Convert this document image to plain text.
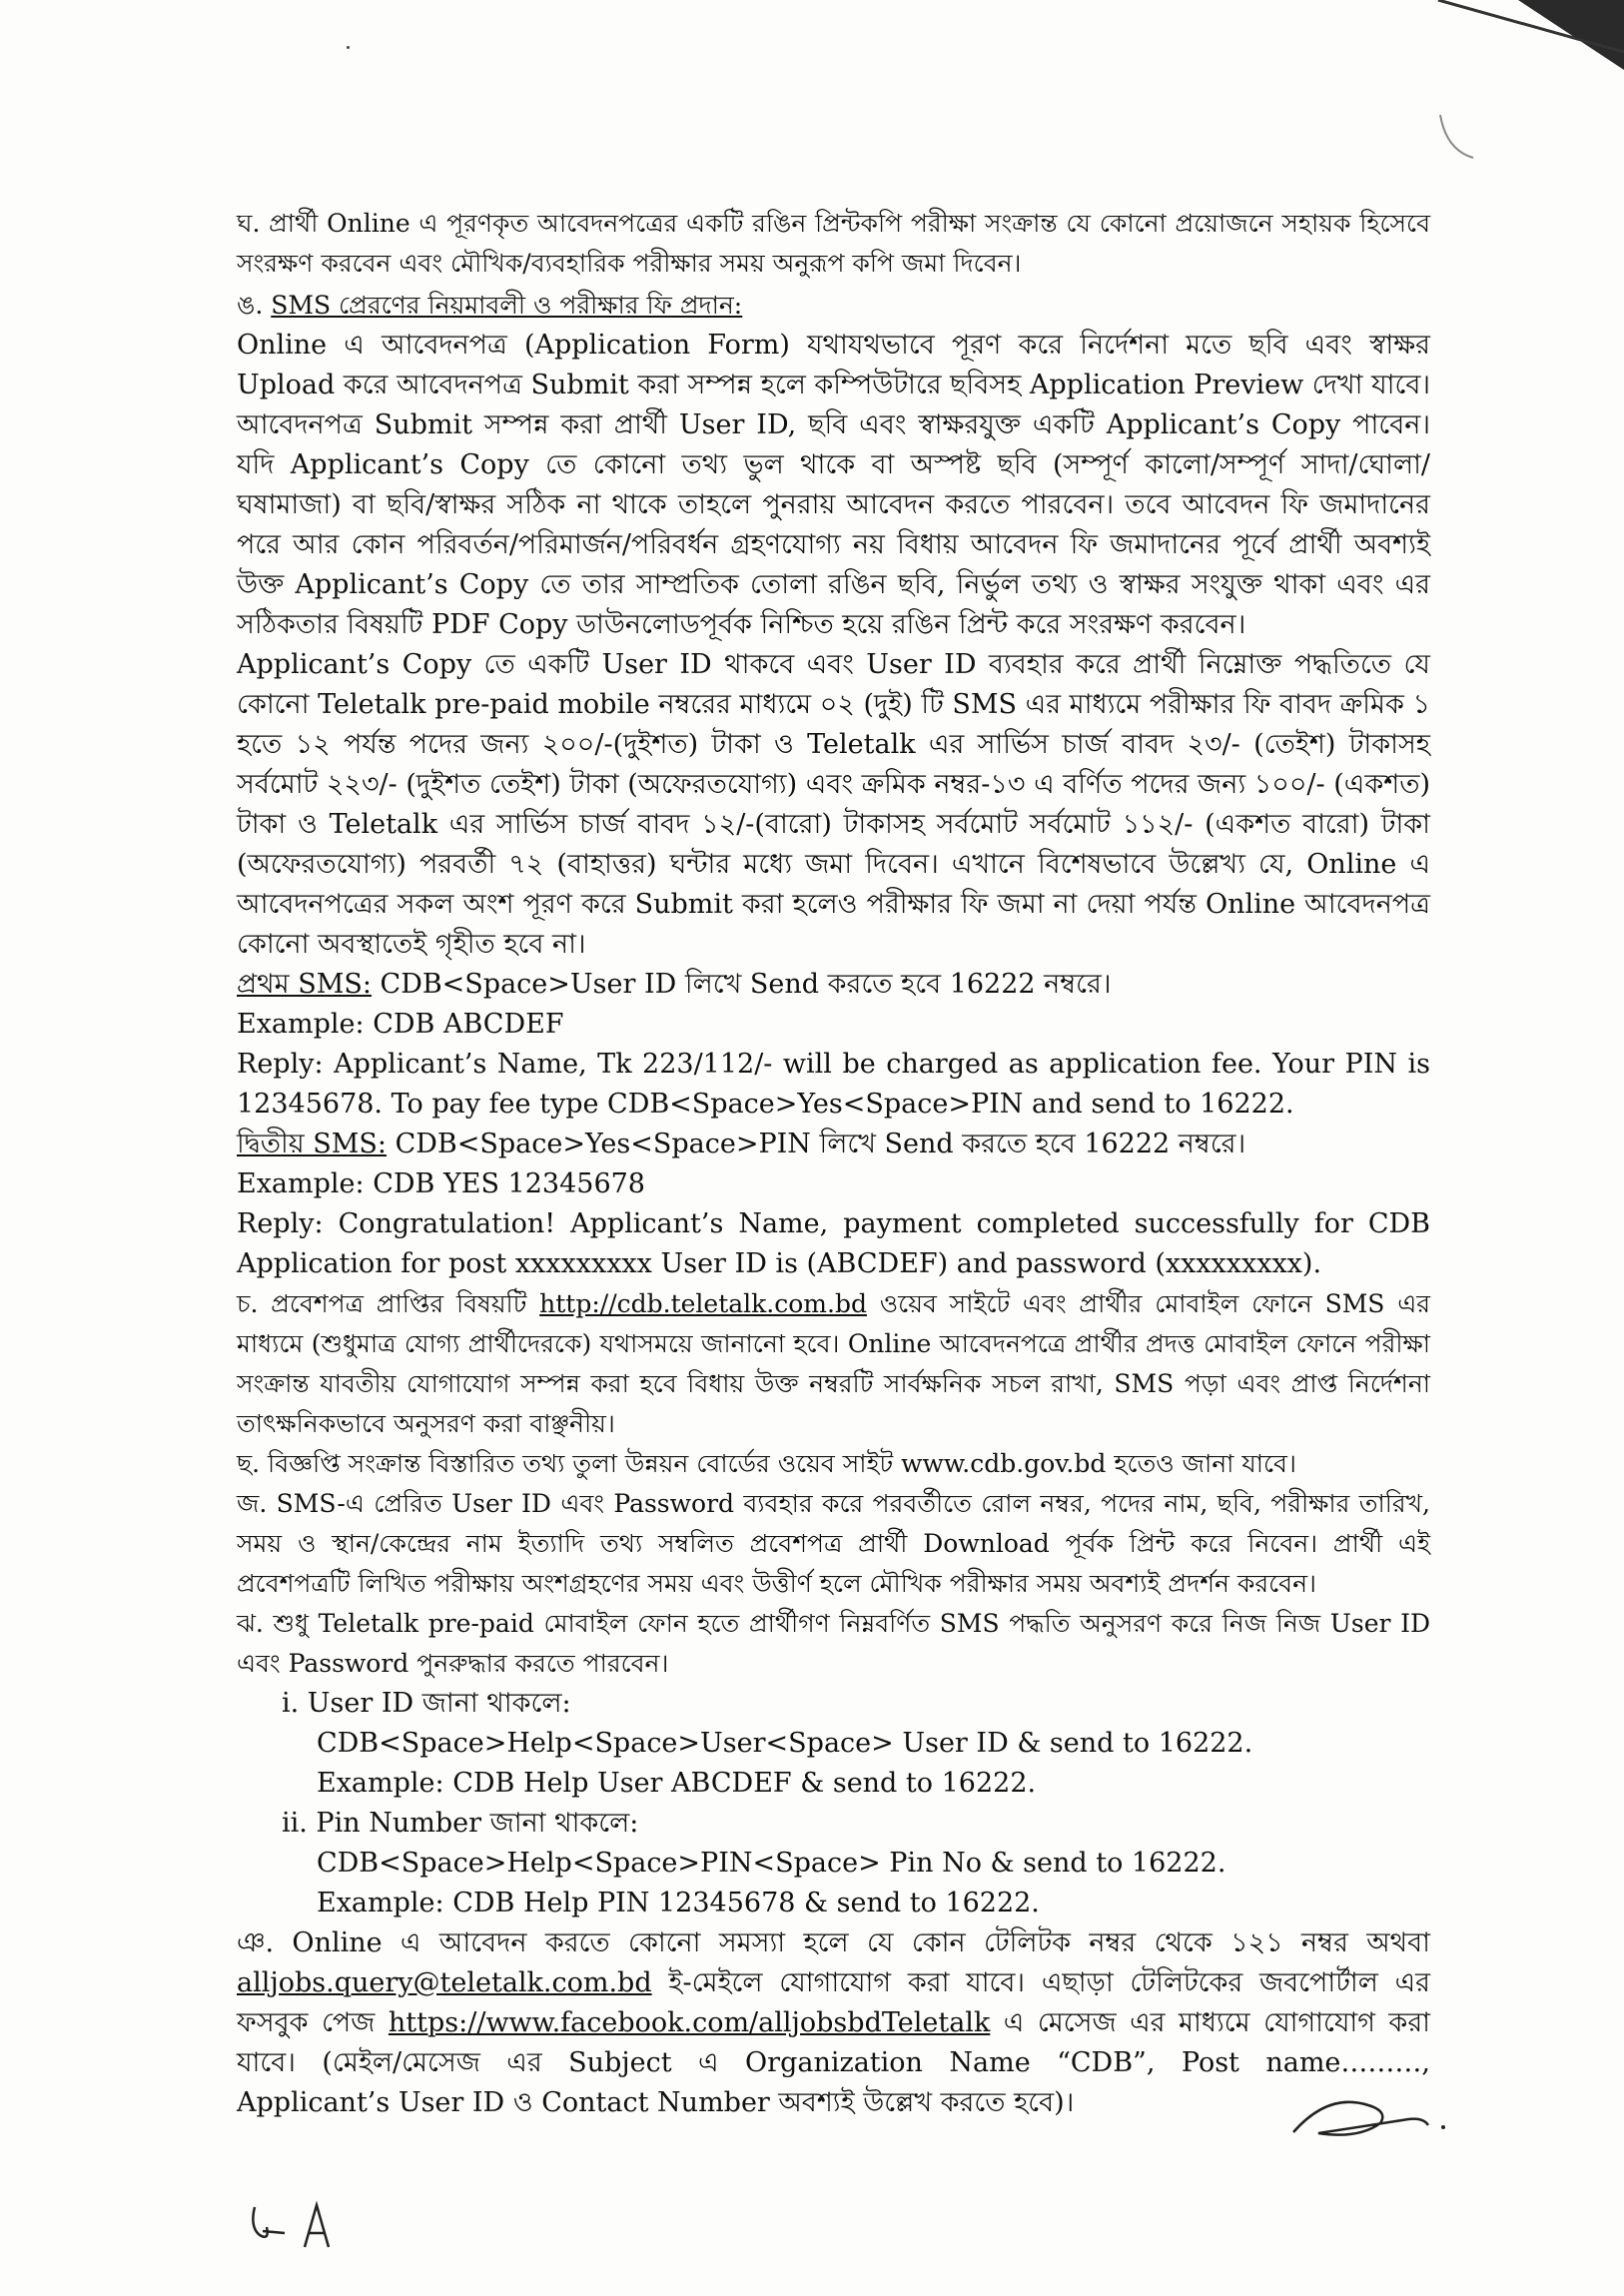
ঘ. প্রার্থী Online এ পূরণকৃত আবেদনপত্রের একটি রঙিন প্রিন্টকপি পরীক্ষা সংক্রান্ত যে কোনো প্রয়োজনে সহায়ক হিসেবে সংরক্ষণ করবেন এবং মৌখিক/ব্যবহারিক পরীক্ষার সময় অনুরূপ কপি জমা দিবেন।

ঙ. SMS প্রেরণের নিয়মাবলী ও পরীক্ষার ফি প্রদান:

Online এ আবেদনপত্র (Application Form) যথাযথভাবে পূরণ করে নির্দেশনা মতে ছবি এবং স্বাক্ষর Upload করে আবেদনপত্র Submit করা সম্পন্ন হলে কম্পিউটারে ছবিসহ Application Preview দেখা যাবে। আবেদনপত্র Submit সম্পন্ন করা প্রার্থী User ID, ছবি এবং স্বাক্ষরযুক্ত একটি Applicant’s Copy পাবেন। যদি Applicant’s Copy তে কোনো তথ্য ভুল থাকে বা অস্পষ্ট ছবি (সম্পূর্ণ কালো/সম্পূর্ণ সাদা/ঘোলা/ঘষামাজা) বা ছবি/স্বাক্ষর সঠিক না থাকে তাহলে পুনরায় আবেদন করতে পারবেন। তবে আবেদন ফি জমাদানের পরে আর কোন পরিবর্তন/পরিমার্জন/পরিবর্ধন গ্রহণযোগ্য নয় বিধায় আবেদন ফি জমাদানের পূর্বে প্রার্থী অবশ্যই উক্ত Applicant’s Copy তে তার সাম্প্রতিক তোলা রঙিন ছবি, নির্ভুল তথ্য ও স্বাক্ষর সংযুক্ত থাকা এবং এর সঠিকতার বিষয়টি PDF Copy ডাউনলোডপূর্বক নিশ্চিত হয়ে রঙিন প্রিন্ট করে সংরক্ষণ করবেন।

Applicant’s Copy তে একটি User ID থাকবে এবং User ID ব্যবহার করে প্রার্থী নিম্নোক্ত পদ্ধতিতে যে কোনো Teletalk pre-paid mobile নম্বরের মাধ্যমে ০২ (দুই) টি SMS এর মাধ্যমে পরীক্ষার ফি বাবদ ক্রমিক ১ হতে ১২ পর্যন্ত পদের জন্য ২০০/-(দুইশত) টাকা ও Teletalk এর সার্ভিস চার্জ বাবদ ২৩/- (তেইশ) টাকাসহ সর্বমোট ২২৩/- (দুইশত তেইশ) টাকা (অফেরতযোগ্য) এবং ক্রমিক নম্বর-১৩ এ বর্ণিত পদের জন্য ১০০/- (একশত) টাকা ও Teletalk এর সার্ভিস চার্জ বাবদ ১২/-(বারো) টাকাসহ সর্বমোট সর্বমোট ১১২/- (একশত বারো) টাকা (অফেরতযোগ্য) পরবর্তী ৭২ (বাহাত্তর) ঘন্টার মধ্যে জমা দিবেন। এখানে বিশেষভাবে উল্লেখ্য যে, Online এ আবেদনপত্রের সকল অংশ পূরণ করে Submit করা হলেও পরীক্ষার ফি জমা না দেয়া পর্যন্ত Online আবেদনপত্র কোনো অবস্থাতেই গৃহীত হবে না।

প্রথম SMS: CDB<Space>User ID লিখে Send করতে হবে 16222 নম্বরে।

Example: CDB ABCDEF

Reply: Applicant’s Name, Tk 223/112/- will be charged as application fee. Your PIN is 12345678. To pay fee type CDB<Space>Yes<Space>PIN and send to 16222.

দ্বিতীয় SMS: CDB<Space>Yes<Space>PIN লিখে Send করতে হবে 16222 নম্বরে।

Example: CDB YES 12345678

Reply: Congratulation! Applicant’s Name, payment completed successfully for CDB Application for post xxxxxxxxx User ID is (ABCDEF) and password (xxxxxxxxx).

চ. প্রবেশপত্র প্রাপ্তির বিষয়টি http://cdb.teletalk.com.bd ওয়েব সাইটে এবং প্রার্থীর মোবাইল ফোনে SMS এর মাধ্যমে (শুধুমাত্র যোগ্য প্রার্থীদেরকে) যথাসময়ে জানানো হবে। Online আবেদনপত্রে প্রার্থীর প্রদত্ত মোবাইল ফোনে পরীক্ষা সংক্রান্ত যাবতীয় যোগাযোগ সম্পন্ন করা হবে বিধায় উক্ত নম্বরটি সার্বক্ষনিক সচল রাখা, SMS পড়া এবং প্রাপ্ত নির্দেশনা তাৎক্ষনিকভাবে অনুসরণ করা বাঞ্ছনীয়।

ছ. বিজ্ঞপ্তি সংক্রান্ত বিস্তারিত তথ্য তুলা উন্নয়ন বোর্ডের ওয়েব সাইট www.cdb.gov.bd হতেও জানা যাবে।

জ. SMS-এ প্রেরিত User ID এবং Password ব্যবহার করে পরবর্তীতে রোল নম্বর, পদের নাম, ছবি, পরীক্ষার তারিখ, সময় ও স্থান/কেন্দ্রের নাম ইত্যাদি তথ্য সম্বলিত প্রবেশপত্র প্রার্থী Download পূর্বক প্রিন্ট করে নিবেন। প্রার্থী এই প্রবেশপত্রটি লিখিত পরীক্ষায় অংশগ্রহণের সময় এবং উত্তীর্ণ হলে মৌখিক পরীক্ষার সময় অবশ্যই প্রদর্শন করবেন।

ঝ. শুধু Teletalk pre-paid মোবাইল ফোন হতে প্রার্থীগণ নিম্নবর্ণিত SMS পদ্ধতি অনুসরণ করে নিজ নিজ User ID এবং Password পুনরুদ্ধার করতে পারবেন।

i. User ID জানা থাকলে:

CDB<Space>Help<Space>User<Space> User ID & send to 16222.

Example: CDB Help User ABCDEF & send to 16222.

ii. Pin Number জানা থাকলে:

CDB<Space>Help<Space>PIN<Space> Pin No & send to 16222.

Example: CDB Help PIN 12345678 & send to 16222.

ঞ. Online এ আবেদন করতে কোনো সমস্যা হলে যে কোন টেলিটক নম্বর থেকে ১২১ নম্বর অথবা alljobs.query@teletalk.com.bd ই-মেইলে যোগাযোগ করা যাবে। এছাড়া টেলিটকের জবপোর্টাল এর ফসবুক পেজ https://www.facebook.com/alljobsbdTeletalk এ মেসেজ এর মাধ্যমে যোগাযোগ করা যাবে। (মেইল/মেসেজ এর Subject এ Organization Name “CDB”, Post name………, Applicant’s User ID ও Contact Number অবশ্যই উল্লেখ করতে হবে)।
